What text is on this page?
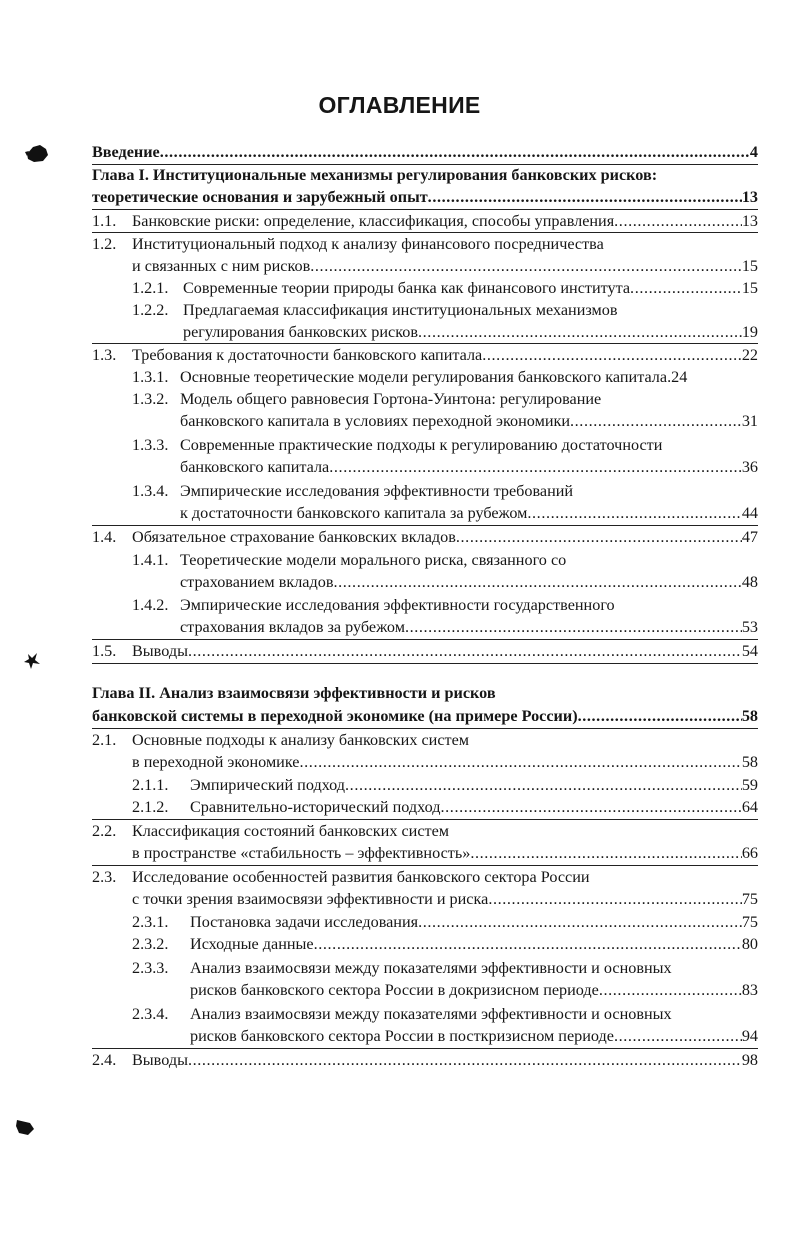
ОГЛАВЛЕНИЕ
Введение .....	4
Глава I. Институциональные механизмы регулирования банковских рисков:
теоретические основания и зарубежный опыт .....	13
1.1. Банковские риски: определение, классификация, способы управления .....	13
1.2. Институциональный подход к анализу финансового посредничества
и связанных с ним рисков .....	15
1.2.1. Современные теории природы банка как финансового института .....	15
1.2.2. Предлагаемая классификация институциональных механизмов
регулирования банковских рисков .....	19
1.3. Требования к достаточности банковского капитала .....	22
1.3.1. Основные теоретические модели регулирования банковского капитала. 24
1.3.2. Модель общего равновесия Гортона-Уинтона: регулирование
банковского капитала в условиях переходной экономики .....	31
1.3.3. Современные практические подходы к регулированию достаточности
банковского капитала .....	36
1.3.4. Эмпирические исследования эффективности требований
к достаточности банковского капитала за рубежом .....	44
1.4. Обязательное страхование банковских вкладов .....	47
1.4.1. Теоретические модели морального риска, связанного со
страхованием вкладов .....	48
1.4.2. Эмпирические исследования эффективности государственного
страхования вкладов за рубежом .....	53
1.5. Выводы .....	54
Глава II. Анализ взаимосвязи эффективности и рисков
банковской системы в переходной экономике (на примере России) .....	58
2.1. Основные подходы к анализу банковских систем
в переходной экономике .....	58
2.1.1. Эмпирический подход .....	59
2.1.2. Сравнительно-исторический подход .....	64
2.2. Классификация состояний банковских систем
в пространстве «стабильность – эффективность» .....	66
2.3. Исследование особенностей развития банковского сектора России
с точки зрения взаимосвязи эффективности и риска .....	75
2.3.1. Постановка задачи исследования .....	75
2.3.2. Исходные данные .....	80
2.3.3. Анализ взаимосвязи между показателями эффективности и основных
рисков банковского сектора России в докризисном периоде .....	83
2.3.4. Анализ взаимосвязи между показателями эффективности и основных
рисков банковского сектора России в посткризисном периоде .....	94
2.4. Выводы .....	98
